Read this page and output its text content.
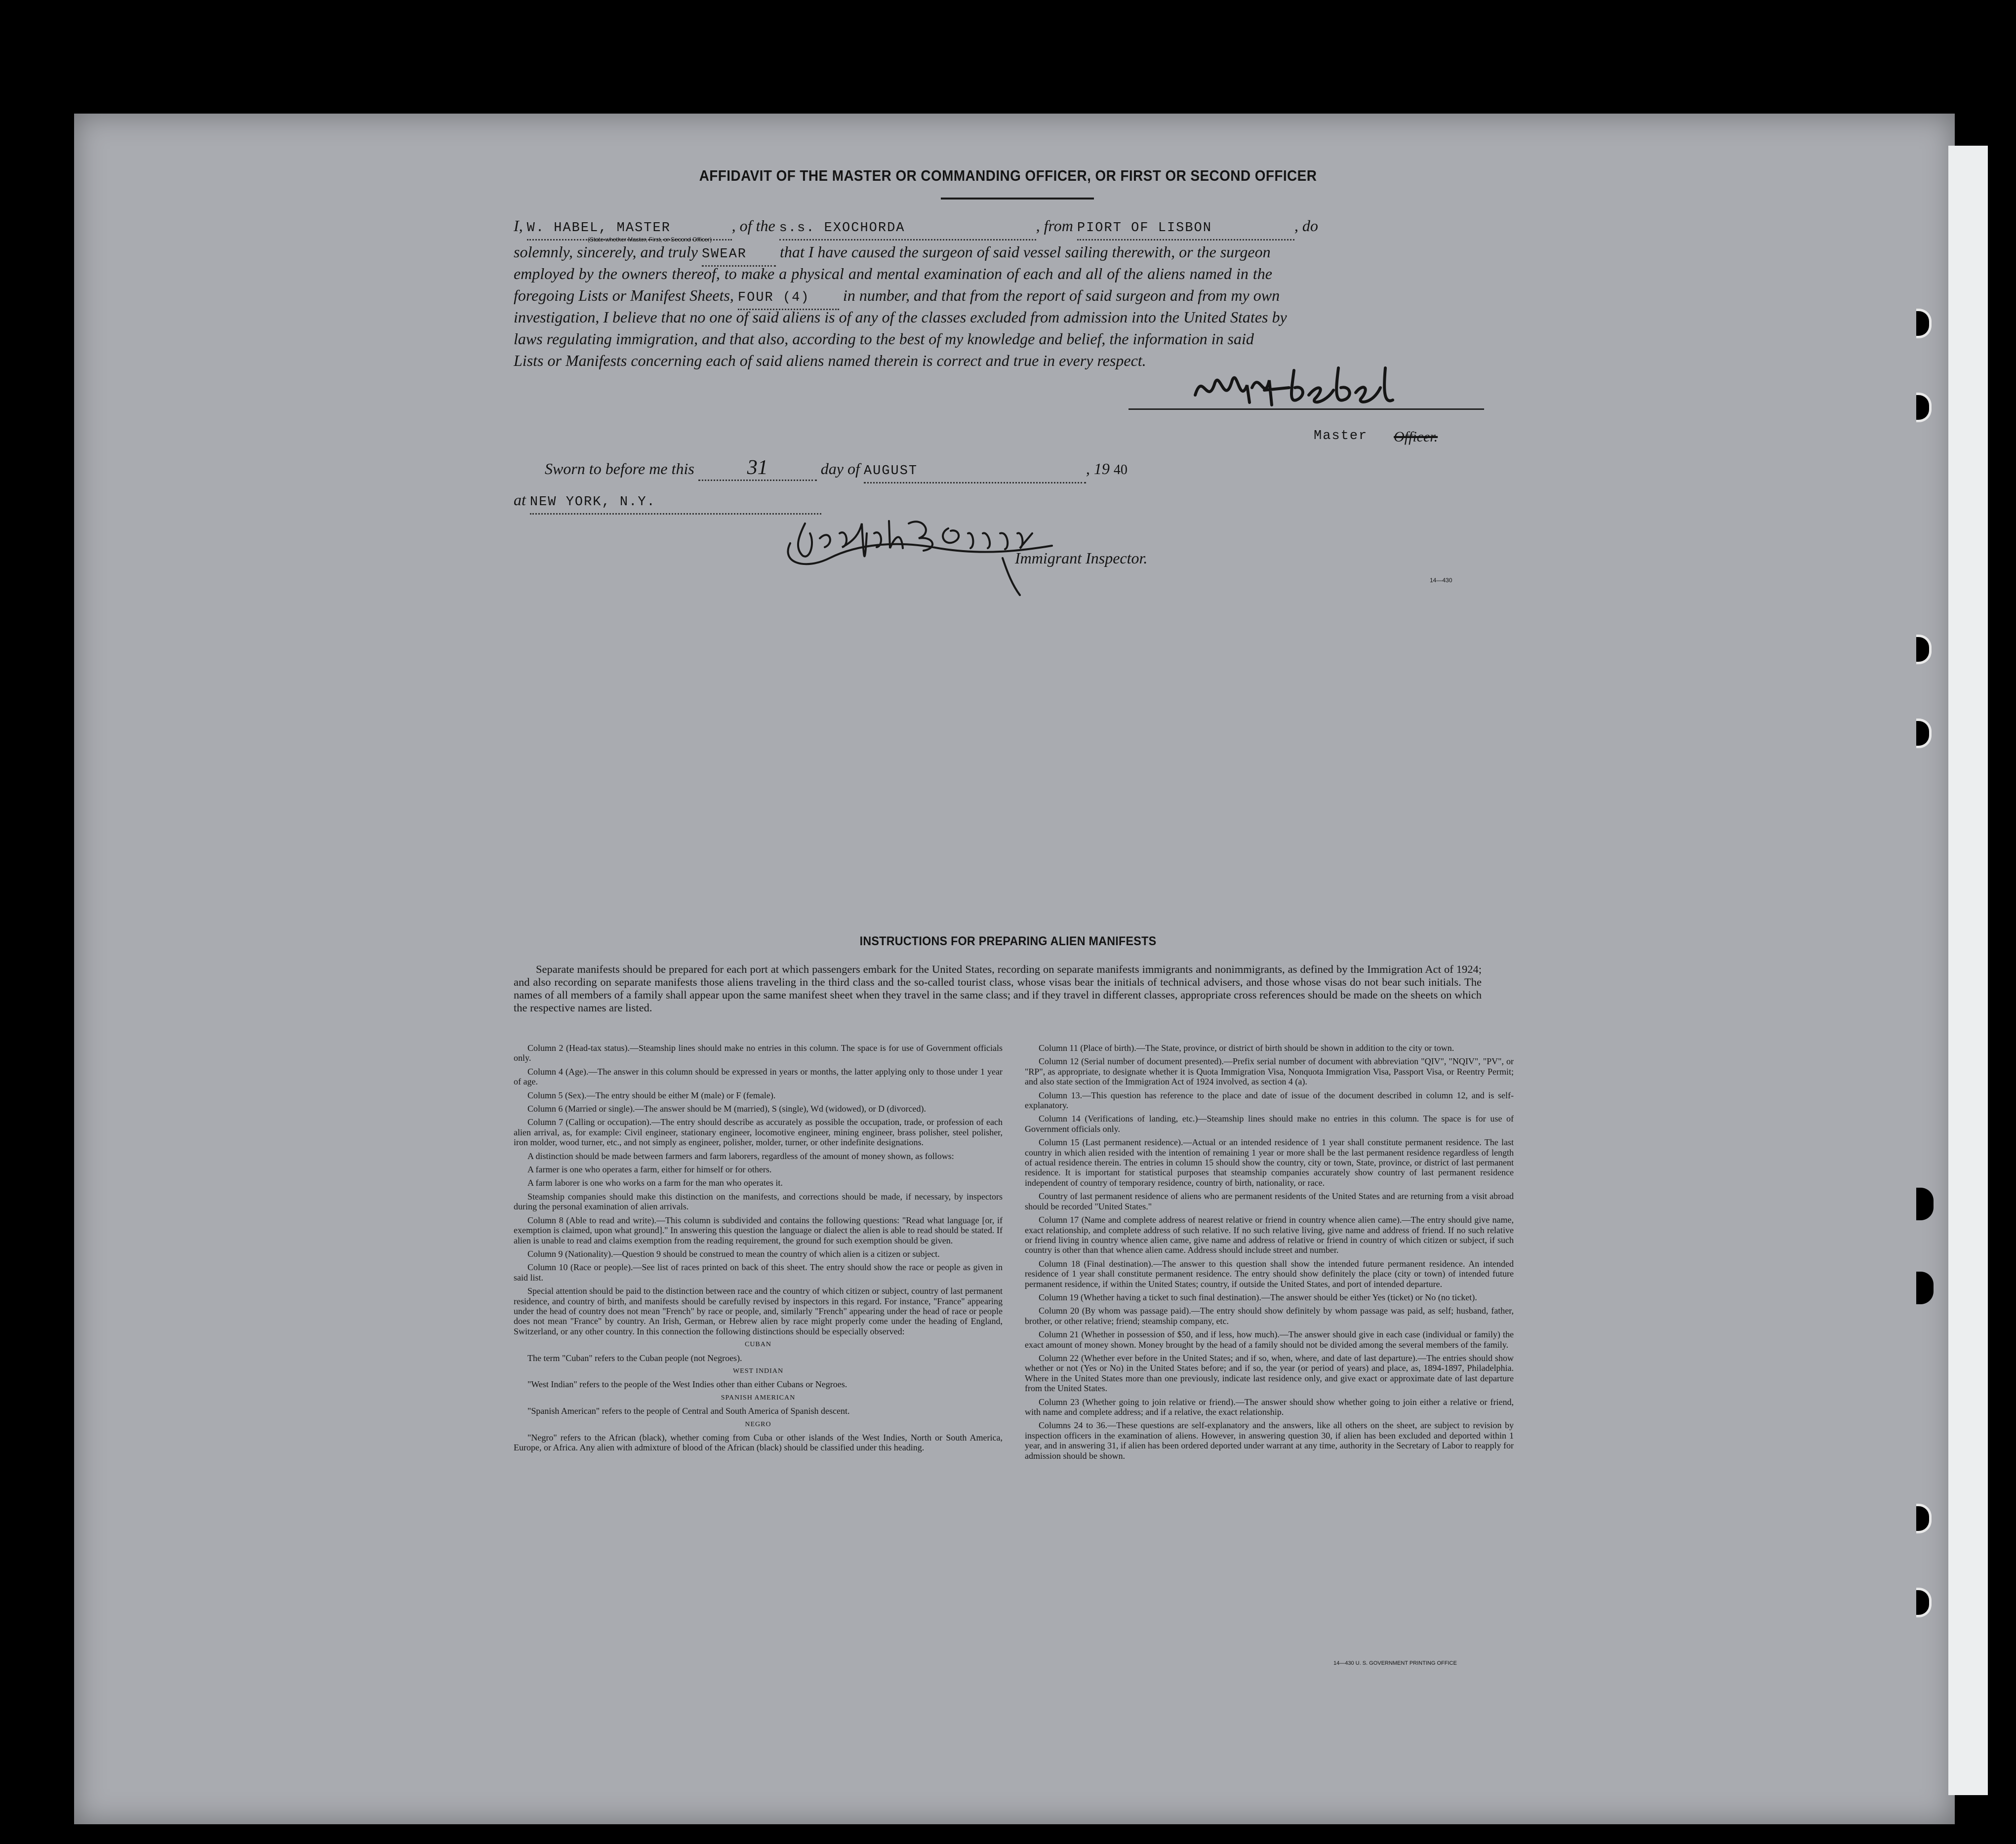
AFFIDAVIT OF THE MASTER OR COMMANDING OFFICER, OR FIRST OR SECOND OFFICER
I, W. HABEL, MASTER	, of the s.s. EXOCHORDA	, from PIORT OF LISBON	, do
(State whether Master, First, or Second Officer)
solemnly, sincerely, and truly SWEAR that I have caused the surgeon of said vessel sailing therewith, or the surgeon
employed by the owners thereof, to make a physical and mental examination of each and all of the aliens named in the
foregoing Lists or Manifest Sheets, FOUR (4) in number, and that from the report of said surgeon and from my own
investigation, I believe that no one of said aliens is of any of the classes excluded from admission into the United States by
laws regulating immigration, and that also, according to the best of my knowledge and belief, the information in said
Lists or Manifests concerning each of said aliens named therein is correct and true in every respect.	WHabel
Master Officer.
Sworn to before me this	31	day of AUGUST	, 19 40
at NEW YORK, N.Y.	Joseph Garner
Immigrant Inspector.
14—430
INSTRUCTIONS FOR PREPARING ALIEN MANIFESTS
Separate manifests should be prepared for each port at which passengers embark for the United States, recording on separate manifests immigrants and nonimmigrants, as defined by the Immigration Act of 1924; and also recording on separate manifests those aliens traveling in the third class and the so-called tourist class, whose visas bear the initials of technical advisers, and those whose visas do not bear such initials. The names of all members of a family shall appear upon the same manifest sheet when they travel in the same class; and if they travel in different classes, appropriate cross references should be made on the sheets on which the respective names are listed.

Column 2 (Head-tax status).—Steamship lines should make no entries in this column. The space is for use of Government officials only.

Column 4 (Age).—The answer in this column should be expressed in years or months, the latter applying only to those under 1 year of age.

Column 5 (Sex).—The entry should be either M (male) or F (female).

Column 6 (Married or single).—The answer should be M (married), S (single), Wd (widowed), or D (divorced).

Column 7 (Calling or occupation).—The entry should describe as accurately as possible the occupation, trade, or profession of each alien arrival, as, for example: Civil engineer, stationary engineer, locomotive engineer, mining engineer, brass polisher, steel polisher, iron molder, wood turner, etc., and not simply as engineer, polisher, molder, turner, or other indefinite designations.

A distinction should be made between farmers and farm laborers, regardless of the amount of money shown, as follows:

A farmer is one who operates a farm, either for himself or for others.

A farm laborer is one who works on a farm for the man who operates it.

Steamship companies should make this distinction on the manifests, and corrections should be made, if necessary, by inspectors during the personal examination of alien arrivals.

Column 8 (Able to read and write).—This column is subdivided and contains the following questions: "Read what language [or, if exemption is claimed, upon what ground]." In answering this question the language or dialect the alien is able to read should be stated. If alien is unable to read and claims exemption from the reading requirement, the ground for such exemption should be given.

Column 9 (Nationality).—Question 9 should be construed to mean the country of which alien is a citizen or subject.

Column 10 (Race or people).—See list of races printed on back of this sheet. The entry should show the race or people as given in said list.

Special attention should be paid to the distinction between race and the country of which citizen or subject, country of last permanent residence, and country of birth, and manifests should be carefully revised by inspectors in this regard. For instance, "France" appearing under the head of country does not mean "French" by race or people, and, similarly "French" appearing under the head of race or people does not mean "France" by country. An Irish, German, or Hebrew alien by race might properly come under the heading of England, Switzerland, or any other country. In this connection the following distinctions should be especially observed:

CUBAN

The term "Cuban" refers to the Cuban people (not Negroes).

WEST INDIAN

"West Indian" refers to the people of the West Indies other than either Cubans or Negroes.

SPANISH AMERICAN

"Spanish American" refers to the people of Central and South America of Spanish descent.

NEGRO

"Negro" refers to the African (black), whether coming from Cuba or other islands of the West Indies, North or South America, Europe, or Africa. Any alien with admixture of blood of the African (black) should be classified under this heading.

Column 11 (Place of birth).—The State, province, or district of birth should be shown in addition to the city or town.

Column 12 (Serial number of document presented).—Prefix serial number of document with abbreviation "QIV", "NQIV", "PV", or "RP", as appropriate, to designate whether it is Quota Immigration Visa, Nonquota Immigration Visa, Passport Visa, or Reentry Permit; and also state section of the Immigration Act of 1924 involved, as section 4 (a).

Column 13.—This question has reference to the place and date of issue of the document described in column 12, and is self-explanatory.

Column 14 (Verifications of landing, etc.)—Steamship lines should make no entries in this column. The space is for use of Government officials only.

Column 15 (Last permanent residence).—Actual or an intended residence of 1 year shall constitute permanent residence. The last country in which alien resided with the intention of remaining 1 year or more shall be the last permanent residence regardless of length of actual residence therein. The entries in column 15 should show the country, city or town, State, province, or district of last permanent residence. It is important for statistical purposes that steamship companies accurately show country of last permanent residence independent of country of temporary residence, country of birth, nationality, or race.

Country of last permanent residence of aliens who are permanent residents of the United States and are returning from a visit abroad should be recorded "United States."

Column 17 (Name and complete address of nearest relative or friend in country whence alien came).—The entry should give name, exact relationship, and complete address of such relative. If no such relative living, give name and address of friend. If no such relative or friend living in country whence alien came, give name and address of relative or friend in country of which citizen or subject, if such country is other than that whence alien came. Address should include street and number.

Column 18 (Final destination).—The answer to this question shall show the intended future permanent residence. An intended residence of 1 year shall constitute permanent residence. The entry should show definitely the place (city or town) of intended future permanent residence, if within the United States; country, if outside the United States, and port of intended departure.

Column 19 (Whether having a ticket to such final destination).—The answer should be either Yes (ticket) or No (no ticket).

Column 20 (By whom was passage paid).—The entry should show definitely by whom passage was paid, as self; husband, father, brother, or other relative; friend; steamship company, etc.

Column 21 (Whether in possession of $50, and if less, how much).—The answer should give in each case (individual or family) the exact amount of money shown. Money brought by the head of a family should not be divided among the several members of the family.

Column 22 (Whether ever before in the United States; and if so, when, where, and date of last departure).—The entries should show whether or not (Yes or No) in the United States before; and if so, the year (or period of years) and place, as, 1894-1897, Philadelphia. Where in the United States more than one previously, indicate last residence only, and give exact or approximate date of last departure from the United States.

Column 23 (Whether going to join relative or friend).—The answer should show whether going to join either a relative or friend, with name and complete address; and if a relative, the exact relationship.

Columns 24 to 36.—These questions are self-explanatory and the answers, like all others on the sheet, are subject to revision by inspection officers in the examination of aliens. However, in answering question 30, if alien has been excluded and deported within 1 year, and in answering 31, if alien has been ordered deported under warrant at any time, authority in the Secretary of Labor to reapply for admission should be shown.

14—430 U. S. GOVERNMENT PRINTING OFFICE
